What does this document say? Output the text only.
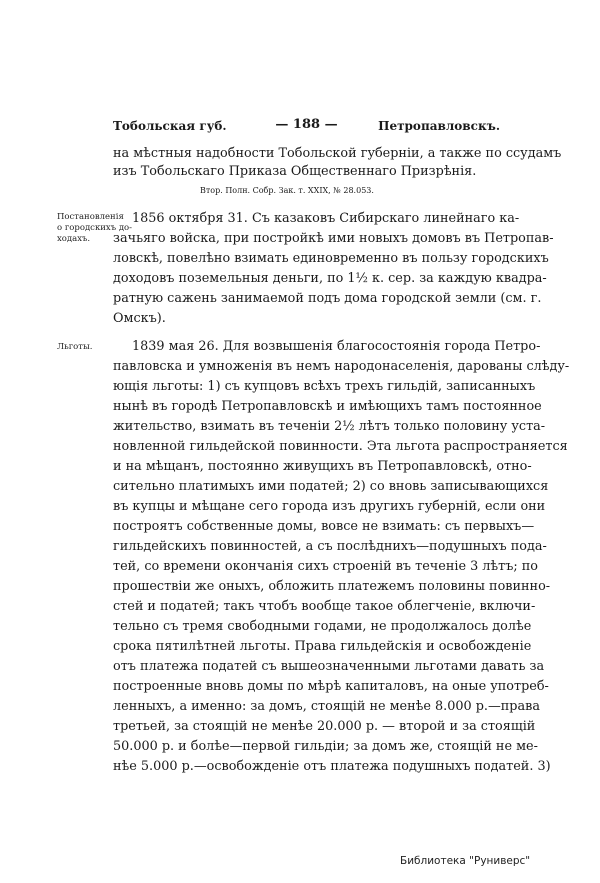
Тобольская губ.	— 188 —	Петропавловскъ.
на мѣстныя надобности Тобольской губерніи, а также по ссудамъ
изъ Тобольскаго Приказа Общественнаго Призрѣнія.
Втор. Полн. Собр. Зак. т. XXIX, № 28.053.
Постановленія
о городскихъ до-
ходахъ.
1856 октября 31. Съ казаковъ Сибирскаго линейнаго ка-
зачьяго войска, при постройкѣ ими новыхъ домовъ въ Петропав-
ловскѣ, повелѣно взимать единовременно въ пользу городскихъ
доходовъ поземельныя деньги, по 1½ к. сер. за каждую квадра-
ратную сажень занимаемой подъ дома городской земли (см. г.
Омскъ).
Льготы.	1839 мая 26. Для возвышенія благосостоянія города Петро-
павловска и умноженія въ немъ народонаселенія, дарованы слѣду-
ющія льготы: 1) съ купцовъ всѣхъ трехъ гильдій, записанныхъ
нынѣ въ городѣ Петропавловскѣ и имѣющихъ тамъ постоянное
жительство, взимать въ теченіи 2½ лѣтъ только половину уста-
новленной гильдейской повинности. Эта льгота распространяется
и на мѣщанъ, постоянно живущихъ въ Петропавловскѣ, отно-
сительно платимыхъ ими податей; 2) со вновь записывающихся
въ купцы и мѣщане сего города изъ другихъ губерній, если они
построятъ собственные домы, вовсе не взимать: съ первыхъ—
гильдейскихъ повинностей, а съ послѣднихъ—подушныхъ пода-
тей, со времени окончанія сихъ строеній въ теченіе 3 лѣтъ; по
прошествіи же оныхъ, обложить платежемъ половины повинно-
стей и податей; такъ чтобъ вообще такое облегченіе, включи-
тельно съ тремя свободными годами, не продолжалось долѣе
срока пятилѣтней льготы. Права гильдейскія и освобожденіе
отъ платежа податей съ вышеозначенными льготами давать за
построенные вновь домы по мѣрѣ капиталовъ, на оные употреб-
ленныхъ, а именно: за домъ, стоящій не менѣе 8.000 р.—права
третьей, за стоящій не менѣе 20.000 р. — второй и за стоящій
50.000 р. и болѣе—первой гильдіи; за домъ же, стоящій не ме-
нѣе 5.000 р.—освобожденіе отъ платежа подушныхъ податей. 3)
Библиотека "Руниверс"
